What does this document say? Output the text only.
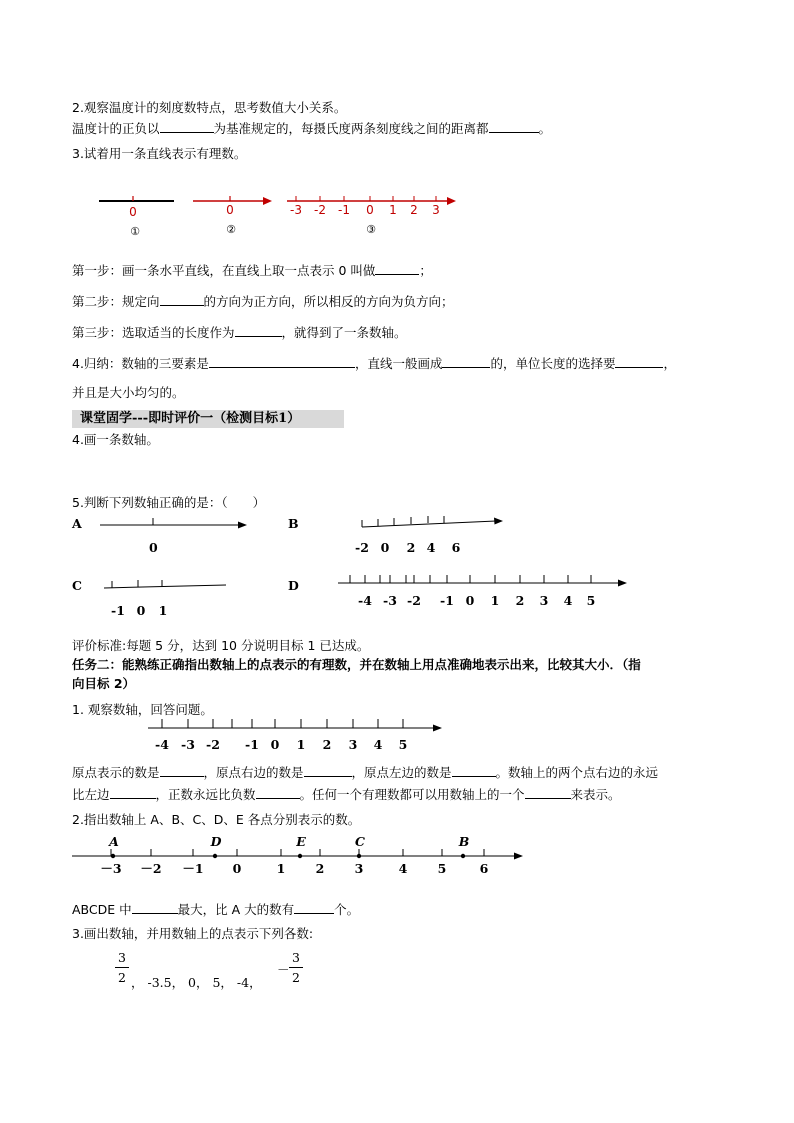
2.观察温度计的刻度数特点，思考数值大小关系。
温度计的正负以	为基准规定的，每摄氏度两条刻度线之间的距离都	。
3.试着用一条直线表示有理数。
0
①
0
②
-3 -2 -1 0 1 2 3
③
第一步：画一条水平直线，在直线上取一点表示 0 叫做	；
第二步：规定向	的方向为正方向，所以相反的方向为负方向；
第三步：选取适当的长度作为	，就得到了一条数轴。
4.归纳：数轴的三要素是	，直线一般画成	的，单位长度的选择要	，
并且是大小均匀的。
课堂固学---即时评价一（检测目标1）
4.画一条数轴。
5.判断下列数轴正确的是：（　　）
A	B
C	D
0	-2 0 2 4 6
-1 0 1
-4 -3 -2 -1 0 1 2 3 4 5
评价标准:每题 5 分，达到 10 分说明目标 1 已达成。
任务二：能熟练正确指出数轴上的点表示的有理数，并在数轴上用点准确地表示出来，比较其大小．（指
向目标 2）
1. 观察数轴，回答问题。
-4 -3 -2 -1 0 1 2 3 4 5
原点表示的数是	，原点右边的数是	，原点左边的数是	。数轴上的两个点右边的永远
比左边	，正数永远比负数	。任何一个有理数都可以用数轴上的一个	来表示。
2.指出数轴上 A、B、C、D、E 各点分别表示的数。
－3 －2 －1 0	1 2 3	4 5	6
A	D	E	C	B
ABCDE 中	最大，比 A 大的数有	个。
3.画出数轴，并用数轴上的点表示下列各数:
3
2 ， -3.5， 0， 5， -4，
－
3
2
